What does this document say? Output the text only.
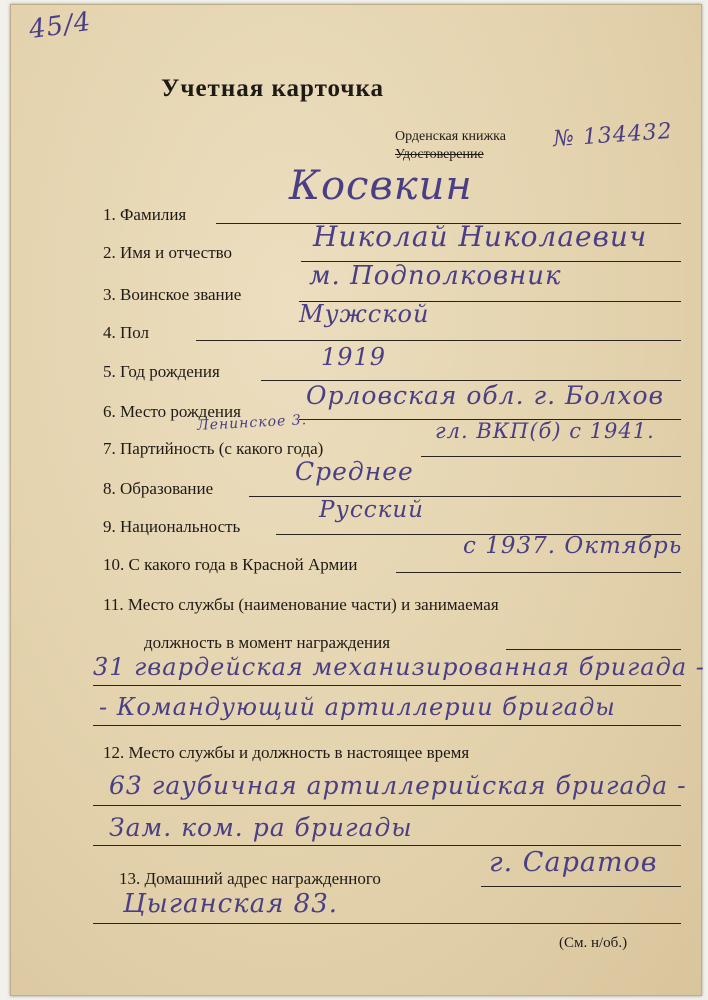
45/4
Учетная карточка
Орденская книжка
Удостоверение
№ 134432
1. Фамилия
Косвкин
2. Имя и отчество	Николай Николаевич
3. Воинское звание
м. Подполковник
4. Пол
Мужской
5. Год рождения
1919
6. Место рождения
Орловская обл. г. Болхов
Ленинское 3.
7. Партийность (с какого года)
гл. ВКП(б) с 1941.
8. Образование
Среднее
9. Национальность
Русский
10. С какого года в Красной Армии
с 1937. Октябрь
11. Место службы (наименование части) и занимаемая
должность в момент награждения
31 гвардейская механизированная бригада -
- Командующий артиллерии бригады
12. Место службы и должность в настоящее время
63 гаубичная артиллерийская бригада -
Зам. ком. ра бригады
13. Домашний адрес награжденного
г. Саратов
Цыганская 83.
(См. н/об.)
